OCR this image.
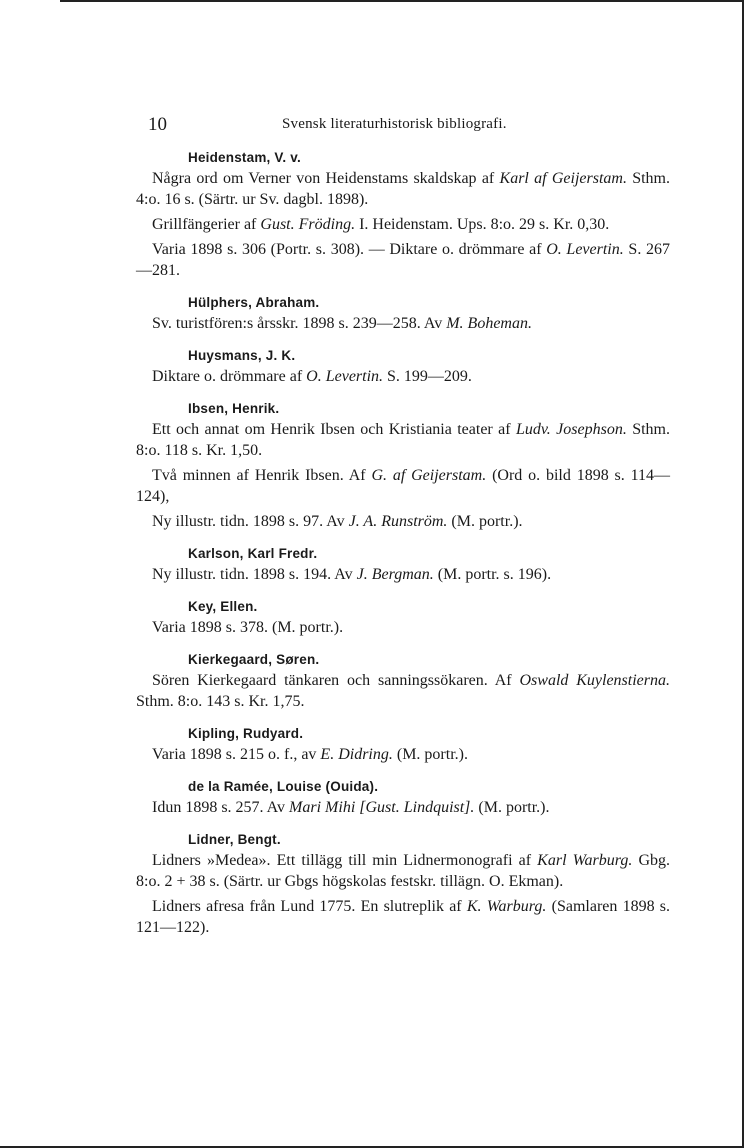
10	Svensk literaturhistorisk bibliografi.
Heidenstam, V. v.

Några ord om Verner von Heidenstams skaldskap af Karl af Geijerstam. Sthm. 4:o. 16 s. (Särtr. ur Sv. dagbl. 1898).

Grillfängerier af Gust. Fröding. I. Heidenstam. Ups. 8:o. 29 s. Kr. 0,30.

Varia 1898 s. 306 (Portr. s. 308). — Diktare o. drömmare af O. Levertin. S. 267—281.

Hülphers, Abraham.

Sv. turistfören:s årsskr. 1898 s. 239—258. Av M. Boheman.

Huysmans, J. K.

Diktare o. drömmare af O. Levertin. S. 199—209.

Ibsen, Henrik.

Ett och annat om Henrik Ibsen och Kristiania teater af Ludv. Josephson. Sthm. 8:o. 118 s. Kr. 1,50.

Två minnen af Henrik Ibsen. Af G. af Geijerstam. (Ord o. bild 1898 s. 114—124),

Ny illustr. tidn. 1898 s. 97. Av J. A. Runström. (M. portr.).

Karlson, Karl Fredr.

Ny illustr. tidn. 1898 s. 194. Av J. Bergman. (M. portr. s. 196).

Key, Ellen.

Varia 1898 s. 378. (M. portr.).

Kierkegaard, Søren.

Sören Kierkegaard tänkaren och sanningssökaren. Af Oswald Kuylenstierna. Sthm. 8:o. 143 s. Kr. 1,75.

Kipling, Rudyard.

Varia 1898 s. 215 o. f., av E. Didring. (M. portr.).

de la Ramée, Louise (Ouida).

Idun 1898 s. 257. Av Mari Mihi [Gust. Lindquist]. (M. portr.).

Lidner, Bengt.

Lidners »Medea». Ett tillägg till min Lidnermonografi af Karl Warburg. Gbg. 8:o. 2 + 38 s. (Särtr. ur Gbgs högskolas festskr. tillägn. O. Ekman).

Lidners afresa från Lund 1775. En slutreplik af K. Warburg. (Samlaren 1898 s. 121—122).
